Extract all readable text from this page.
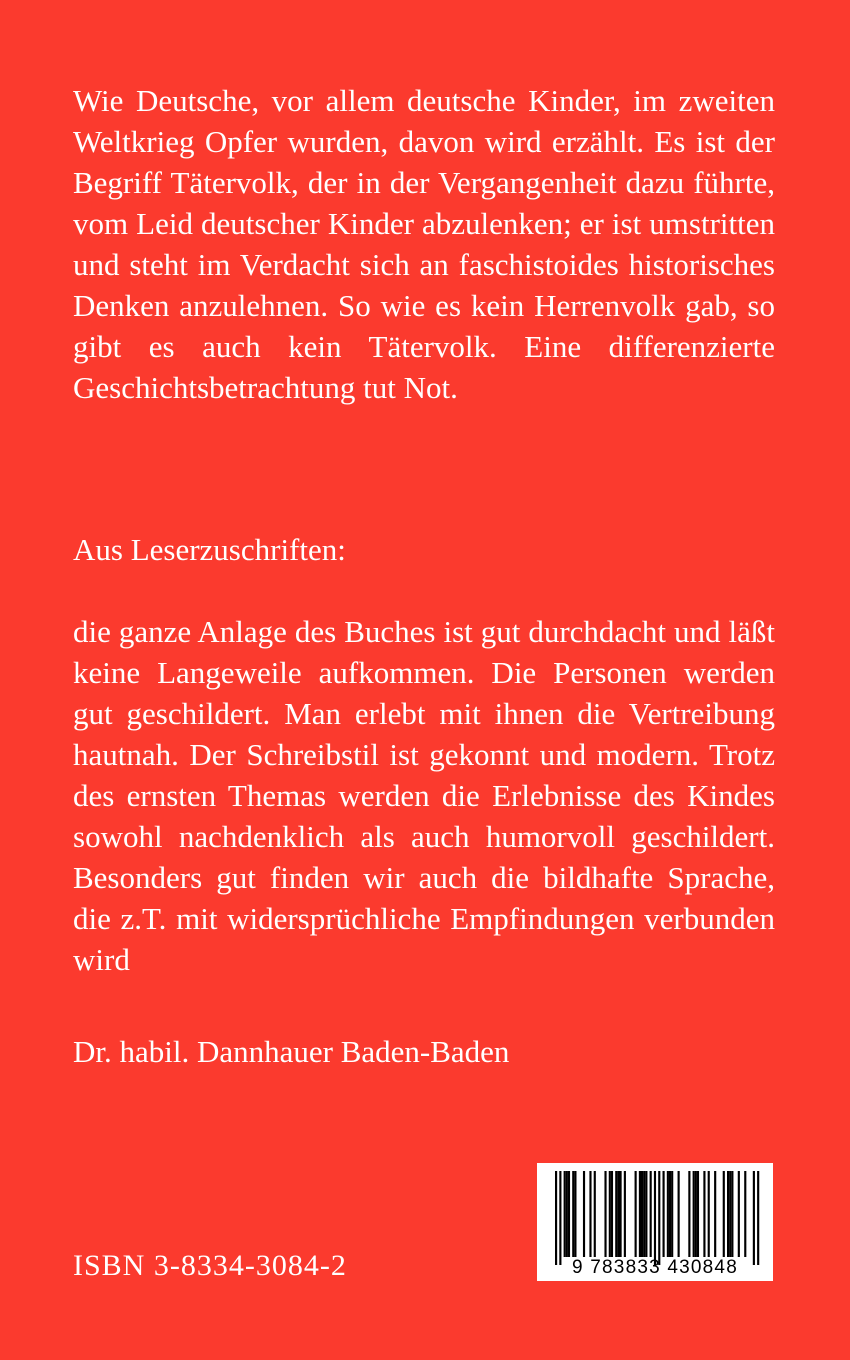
Wie Deutsche, vor allem deutsche Kinder, im zweiten Weltkrieg Opfer wurden, davon wird erzählt. Es ist der Begriff Tätervolk, der in der Vergangenheit dazu führte, vom Leid deutscher Kinder abzulenken; er ist umstritten und steht im Verdacht sich an faschistoides historisches Denken anzulehnen. So wie es kein Herrenvolk gab, so gibt es auch kein Tätervolk. Eine differenzierte Geschichtsbetrachtung tut Not.

Aus Leserzuschriften:

die ganze Anlage des Buches ist gut durchdacht und läßt keine Langeweile aufkommen. Die Personen werden gut geschildert. Man erlebt mit ihnen die Vertreibung hautnah. Der Schreibstil ist gekonnt und modern. Trotz des ernsten Themas werden die Erlebnisse des Kindes sowohl nachdenklich als auch humorvoll geschildert. Besonders gut finden wir auch die bildhafte Sprache, die z.T. mit widersprüchliche Empfindungen verbunden wird

Dr. habil. Dannhauer Baden-Baden
ISBN 3-8334-3084-2	9 783833 430848
